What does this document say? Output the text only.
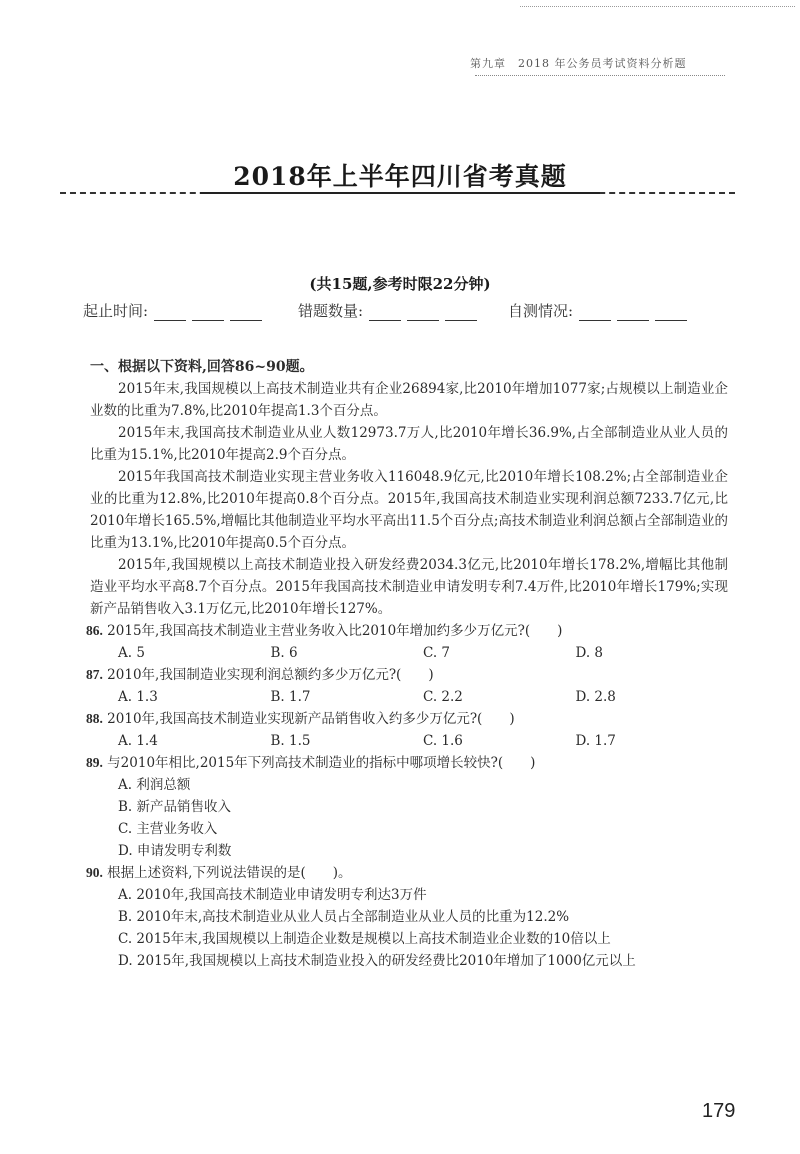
第九章　2018 年公务员考试资料分析题
2018年上半年四川省考真题
(共15题,参考时限22分钟)
起止时间:	错题数量:	自测情况:

一、根据以下资料,回答86~90题。

2015年末,我国规模以上高技术制造业共有企业26894家,比2010年增加1077家;占规模以上制造业企业数的比重为7.8%,比2010年提高1.3个百分点。

2015年末,我国高技术制造业从业人数12973.7万人,比2010年增长36.9%,占全部制造业从业人员的比重为15.1%,比2010年提高2.9个百分点。

2015年我国高技术制造业实现主营业务收入116048.9亿元,比2010年增长108.2%;占全部制造业企业的比重为12.8%,比2010年提高0.8个百分点。2015年,我国高技术制造业实现利润总额7233.7亿元,比2010年增长165.5%,增幅比其他制造业平均水平高出11.5个百分点;高技术制造业利润总额占全部制造业的比重为13.1%,比2010年提高0.5个百分点。

2015年,我国规模以上高技术制造业投入研发经费2034.3亿元,比2010年增长178.2%,增幅比其他制造业平均水平高8.7个百分点。2015年我国高技术制造业申请发明专利7.4万件,比2010年增长179%;实现新产品销售收入3.1万亿元,比2010年增长127%。

86. 2015年,我国高技术制造业主营业务收入比2010年增加约多少万亿元?(　　)

A. 5	B. 6	C. 7	D. 8

87. 2010年,我国制造业实现利润总额约多少万亿元?(　　)

A. 1.3	B. 1.7	C. 2.2	D. 2.8

88. 2010年,我国高技术制造业实现新产品销售收入约多少万亿元?(　　)

A. 1.4	B. 1.5	C. 1.6	D. 1.7

89. 与2010年相比,2015年下列高技术制造业的指标中哪项增长较快?(　　)

A. 利润总额
B. 新产品销售收入
C. 主营业务收入
D. 申请发明专利数

90. 根据上述资料,下列说法错误的是(　　)。

A. 2010年,我国高技术制造业申请发明专利达3万件
B. 2010年末,高技术制造业从业人员占全部制造业从业人员的比重为12.2%
C. 2015年末,我国规模以上制造企业数是规模以上高技术制造业企业数的10倍以上
D. 2015年,我国规模以上高技术制造业投入的研发经费比2010年增加了1000亿元以上
179
